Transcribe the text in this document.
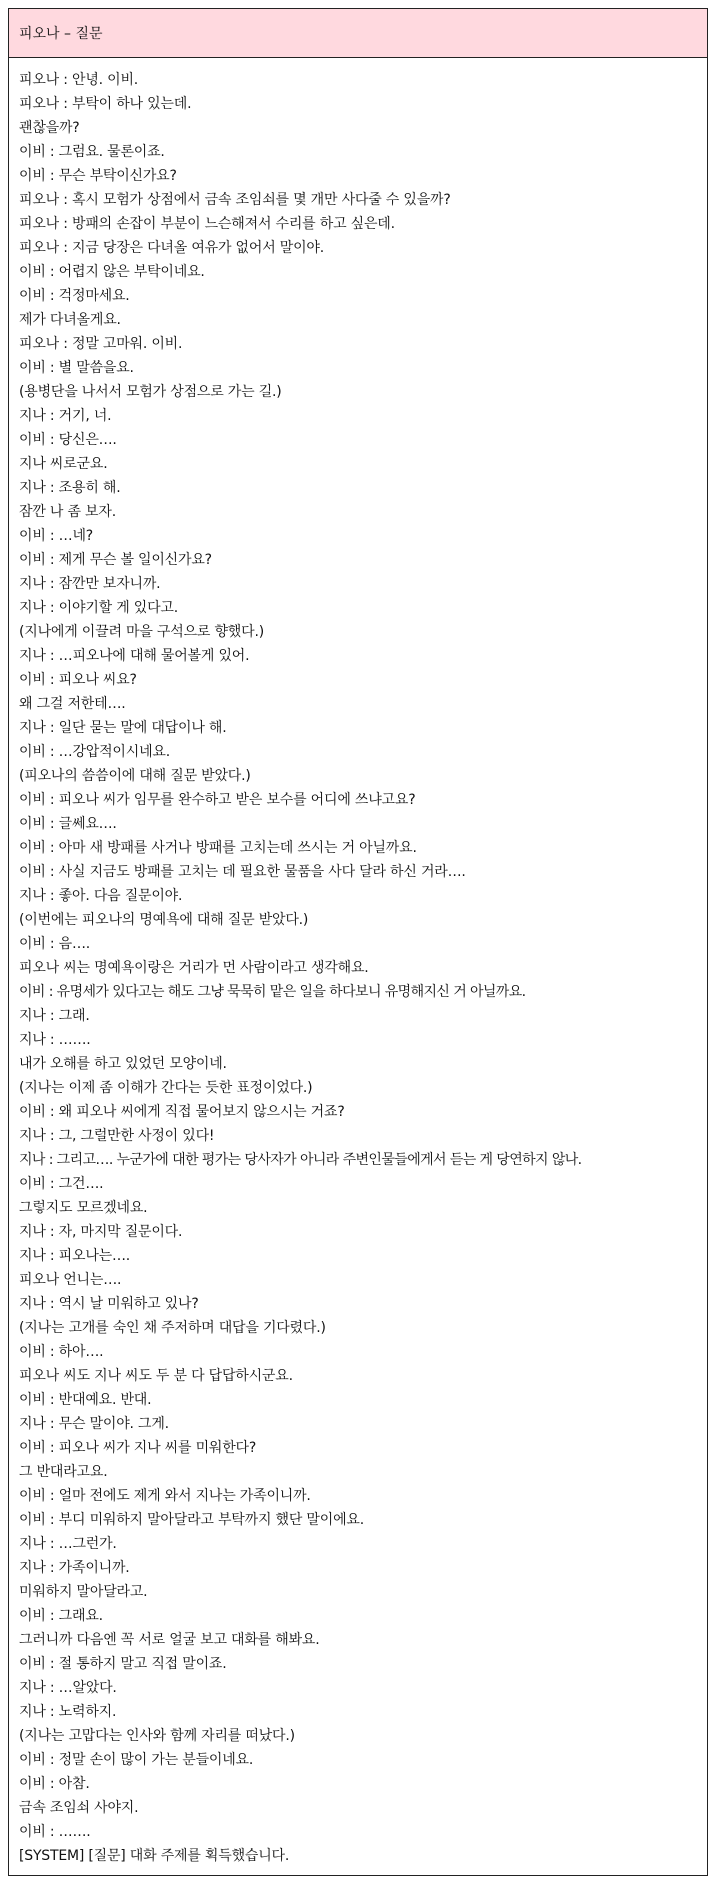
피오나 – 질문
피오나 : 안녕. 이비.
피오나 : 부탁이 하나 있는데.
괜찮을까?
이비 : 그럼요. 물론이죠.
이비 : 무슨 부탁이신가요?
피오나 : 혹시 모험가 상점에서 금속 조임쇠를 몇 개만 사다줄 수 있을까?
피오나 : 방패의 손잡이 부분이 느슨해져서 수리를 하고 싶은데.
피오나 : 지금 당장은 다녀올 여유가 없어서 말이야.
이비 : 어렵지 않은 부탁이네요.
이비 : 걱정마세요.
제가 다녀올게요.
피오나 : 정말 고마워. 이비.
이비 : 별 말씀을요.
(용병단을 나서서 모험가 상점으로 가는 길.)
지나 : 거기, 너.
이비 : 당신은….
지나 씨로군요.
지나 : 조용히 해.
잠깐 나 좀 보자.
이비 : …네?
이비 : 제게 무슨 볼 일이신가요?
지나 : 잠깐만 보자니까.
지나 : 이야기할 게 있다고.
(지나에게 이끌려 마을 구석으로 향했다.)
지나 : …피오나에 대해 물어볼게 있어.
이비 : 피오나 씨요?
왜 그걸 저한테….
지나 : 일단 묻는 말에 대답이나 해.
이비 : …강압적이시네요.
(피오나의 씀씀이에 대해 질문 받았다.)
이비 : 피오나 씨가 임무를 완수하고 받은 보수를 어디에 쓰냐고요?
이비 : 글쎄요….
이비 : 아마 새 방패를 사거나 방패를 고치는데 쓰시는 거 아닐까요.
이비 : 사실 지금도 방패를 고치는 데 필요한 물품을 사다 달라 하신 거라….
지나 : 좋아. 다음 질문이야.
(이번에는 피오나의 명예욕에 대해 질문 받았다.)
이비 : 음….
피오나 씨는 명예욕이랑은 거리가 먼 사람이라고 생각해요.
이비 : 유명세가 있다고는 해도 그냥 묵묵히 맡은 일을 하다보니 유명해지신 거 아닐까요.
지나 : 그래.
지나 : …….
내가 오해를 하고 있었던 모양이네.
(지나는 이제 좀 이해가 간다는 듯한 표정이었다.)
이비 : 왜 피오나 씨에게 직접 물어보지 않으시는 거죠?
지나 : 그, 그럴만한 사정이 있다!
지나 : 그리고…. 누군가에 대한 평가는 당사자가 아니라 주변인물들에게서 듣는 게 당연하지 않나.
이비 : 그건….
그렇지도 모르겠네요.
지나 : 자, 마지막 질문이다.
지나 : 피오나는….
피오나 언니는….
지나 : 역시 날 미워하고 있나?
(지나는 고개를 숙인 채 주저하며 대답을 기다렸다.)
이비 : 하아….
피오나 씨도 지나 씨도 두 분 다 답답하시군요.
이비 : 반대예요. 반대.
지나 : 무슨 말이야. 그게.
이비 : 피오나 씨가 지나 씨를 미워한다?
그 반대라고요.
이비 : 얼마 전에도 제게 와서 지나는 가족이니까.
이비 : 부디 미워하지 말아달라고 부탁까지 했단 말이에요.
지나 : …그런가.
지나 : 가족이니까.
미워하지 말아달라고.
이비 : 그래요.
그러니까 다음엔 꼭 서로 얼굴 보고 대화를 해봐요.
이비 : 절 통하지 말고 직접 말이죠.
지나 : …알았다.
지나 : 노력하지.
(지나는 고맙다는 인사와 함께 자리를 떠났다.)
이비 : 정말 손이 많이 가는 분들이네요.
이비 : 아참.
금속 조임쇠 사야지.
이비 : …….
[SYSTEM] [질문] 대화 주제를 획득했습니다.
